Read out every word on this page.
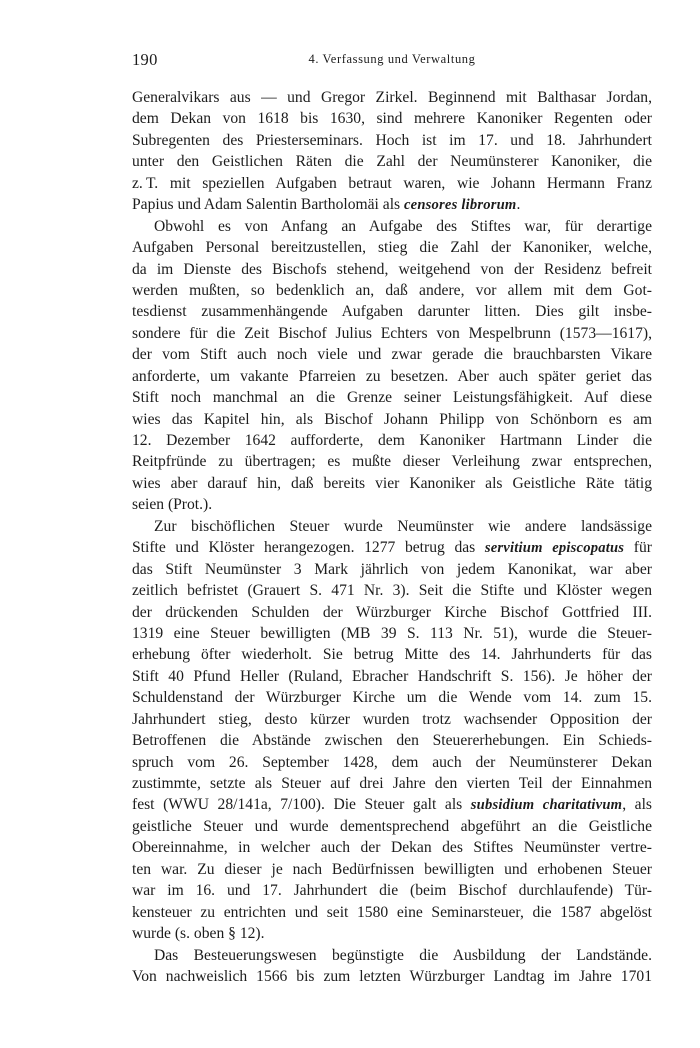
190	4. Verfassung und Verwaltung
Generalvikars aus — und Gregor Zirkel. Beginnend mit Balthasar Jordan,
dem Dekan von 1618 bis 1630, sind mehrere Kanoniker Regenten oder
Subregenten des Priesterseminars. Hoch ist im 17. und 18. Jahrhundert
unter den Geistlichen Räten die Zahl der Neumünsterer Kanoniker, die
z. T. mit speziellen Aufgaben betraut waren, wie Johann Hermann Franz
Papius und Adam Salentin Bartholomäi als censores librorum.
Obwohl es von Anfang an Aufgabe des Stiftes war, für derartige
Aufgaben Personal bereitzustellen, stieg die Zahl der Kanoniker, welche,
da im Dienste des Bischofs stehend, weitgehend von der Residenz befreit
werden mußten, so bedenklich an, daß andere, vor allem mit dem Got-
tesdienst zusammenhängende Aufgaben darunter litten. Dies gilt insbe-
sondere für die Zeit Bischof Julius Echters von Mespelbrunn (1573—1617),
der vom Stift auch noch viele und zwar gerade die brauchbarsten Vikare
anforderte, um vakante Pfarreien zu besetzen. Aber auch später geriet das
Stift noch manchmal an die Grenze seiner Leistungsfähigkeit. Auf diese
wies das Kapitel hin, als Bischof Johann Philipp von Schönborn es am
12. Dezember 1642 aufforderte, dem Kanoniker Hartmann Linder die
Reitpfründe zu übertragen; es mußte dieser Verleihung zwar entsprechen,
wies aber darauf hin, daß bereits vier Kanoniker als Geistliche Räte tätig
seien (Prot.).
Zur bischöflichen Steuer wurde Neumünster wie andere landsässige
Stifte und Klöster herangezogen. 1277 betrug das servitium episcopatus für
das Stift Neumünster 3 Mark jährlich von jedem Kanonikat, war aber
zeitlich befristet (Grauert S. 471 Nr. 3). Seit die Stifte und Klöster wegen
der drückenden Schulden der Würzburger Kirche Bischof Gottfried III.
1319 eine Steuer bewilligten (MB 39 S. 113 Nr. 51), wurde die Steuer-
erhebung öfter wiederholt. Sie betrug Mitte des 14. Jahrhunderts für das
Stift 40 Pfund Heller (Ruland, Ebracher Handschrift S. 156). Je höher der
Schuldenstand der Würzburger Kirche um die Wende vom 14. zum 15.
Jahrhundert stieg, desto kürzer wurden trotz wachsender Opposition der
Betroffenen die Abstände zwischen den Steuererhebungen. Ein Schieds-
spruch vom 26. September 1428, dem auch der Neumünsterer Dekan
zustimmte, setzte als Steuer auf drei Jahre den vierten Teil der Einnahmen
fest (WWU 28/141a, 7/100). Die Steuer galt als subsidium charitativum, als
geistliche Steuer und wurde dementsprechend abgeführt an die Geistliche
Obereinnahme, in welcher auch der Dekan des Stiftes Neumünster vertre-
ten war. Zu dieser je nach Bedürfnissen bewilligten und erhobenen Steuer
war im 16. und 17. Jahrhundert die (beim Bischof durchlaufende) Tür-
kensteuer zu entrichten und seit 1580 eine Seminarsteuer, die 1587 abgelöst
wurde (s. oben § 12).
Das Besteuerungswesen begünstigte die Ausbildung der Landstände.
Von nachweislich 1566 bis zum letzten Würzburger Landtag im Jahre 1701
